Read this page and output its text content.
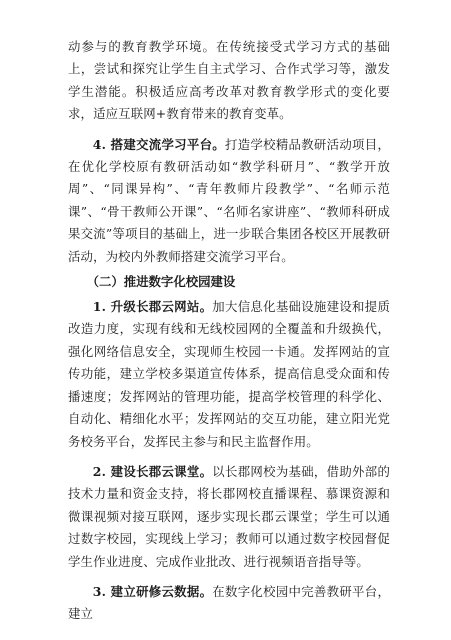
动参与的教育教学环境。在传统接受式学习方式的基础上，尝试和探究让学生自主式学习、合作式学习等，激发学生潜能。积极适应高考改革对教育教学形式的变化要求，适应互联网+教育带来的教育变革。

4. 搭建交流学习平台。打造学校精品教研活动项目，在优化学校原有教研活动如“教学科研月”、“教学开放周”、“同课异构”、“青年教师片段教学”、“名师示范课”、“骨干教师公开课”、“名师名家讲座”、“教师科研成果交流”等项目的基础上，进一步联合集团各校区开展教研活动，为校内外教师搭建交流学习平台。

（二）推进数字化校园建设

1. 升级长郡云网站。加大信息化基础设施建设和提质改造力度，实现有线和无线校园网的全覆盖和升级换代，强化网络信息安全，实现师生校园一卡通。发挥网站的宣传功能，建立学校多渠道宣传体系，提高信息受众面和传播速度；发挥网站的管理功能，提高学校管理的科学化、自动化、精细化水平；发挥网站的交互功能，建立阳光党务校务平台，发挥民主参与和民主监督作用。

2. 建设长郡云课堂。以长郡网校为基础，借助外部的技术力量和资金支持，将长郡网校直播课程、慕课资源和微课视频对接互联网，逐步实现长郡云课堂；学生可以通过数字校园，实现线上学习；教师可以通过数字校园督促学生作业进度、完成作业批改、进行视频语音指导等。

3. 建立研修云数据。在数字化校园中完善教研平台，建立
